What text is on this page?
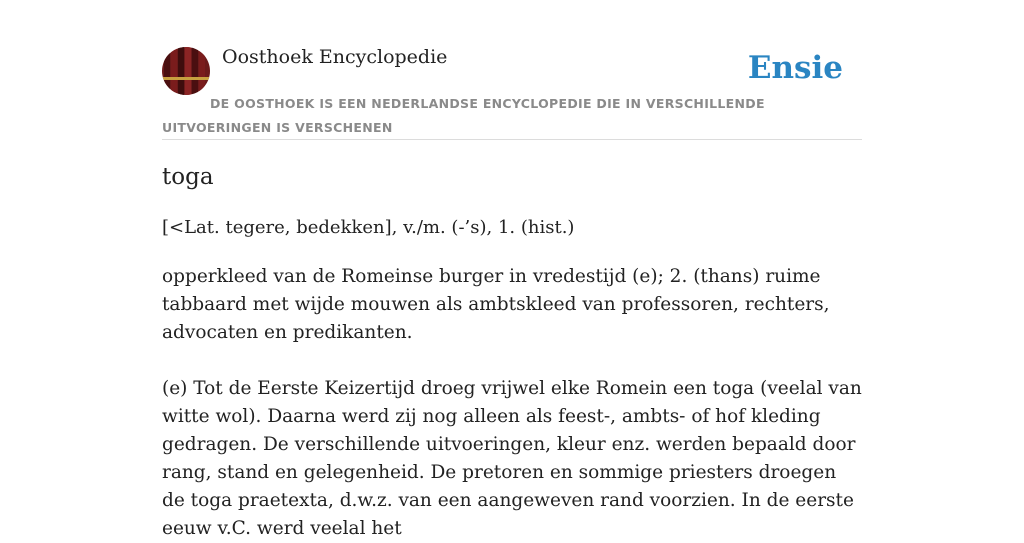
Oosthoek Encyclopedie	Ensie
DE OOSTHOEK IS EEN NEDERLANDSE ENCYCLOPEDIE DIE IN VERSCHILLENDE UITVOERINGEN IS VERSCHENEN
toga
[<Lat. tegere, bedekken], v./m. (-’s), 1. (hist.)

opperkleed van de Romeinse burger in vredestijd (e); 2. (thans) ruime tabbaard met wijde mouwen als ambtskleed van professoren, rechters, advocaten en predikanten.

(e) Tot de Eerste Keizertijd droeg vrijwel elke Romein een toga (veelal van witte wol). Daarna werd zij nog alleen als feest-, ambts- of hof kleding gedragen. De verschillende uitvoeringen, kleur enz. werden bepaald door rang, stand en gelegenheid. De pretoren en sommige priesters droegen de toga praetexta, d.w.z. van een aangeweven rand voorzien. In de eerste eeuw v.C. werd veelal het
